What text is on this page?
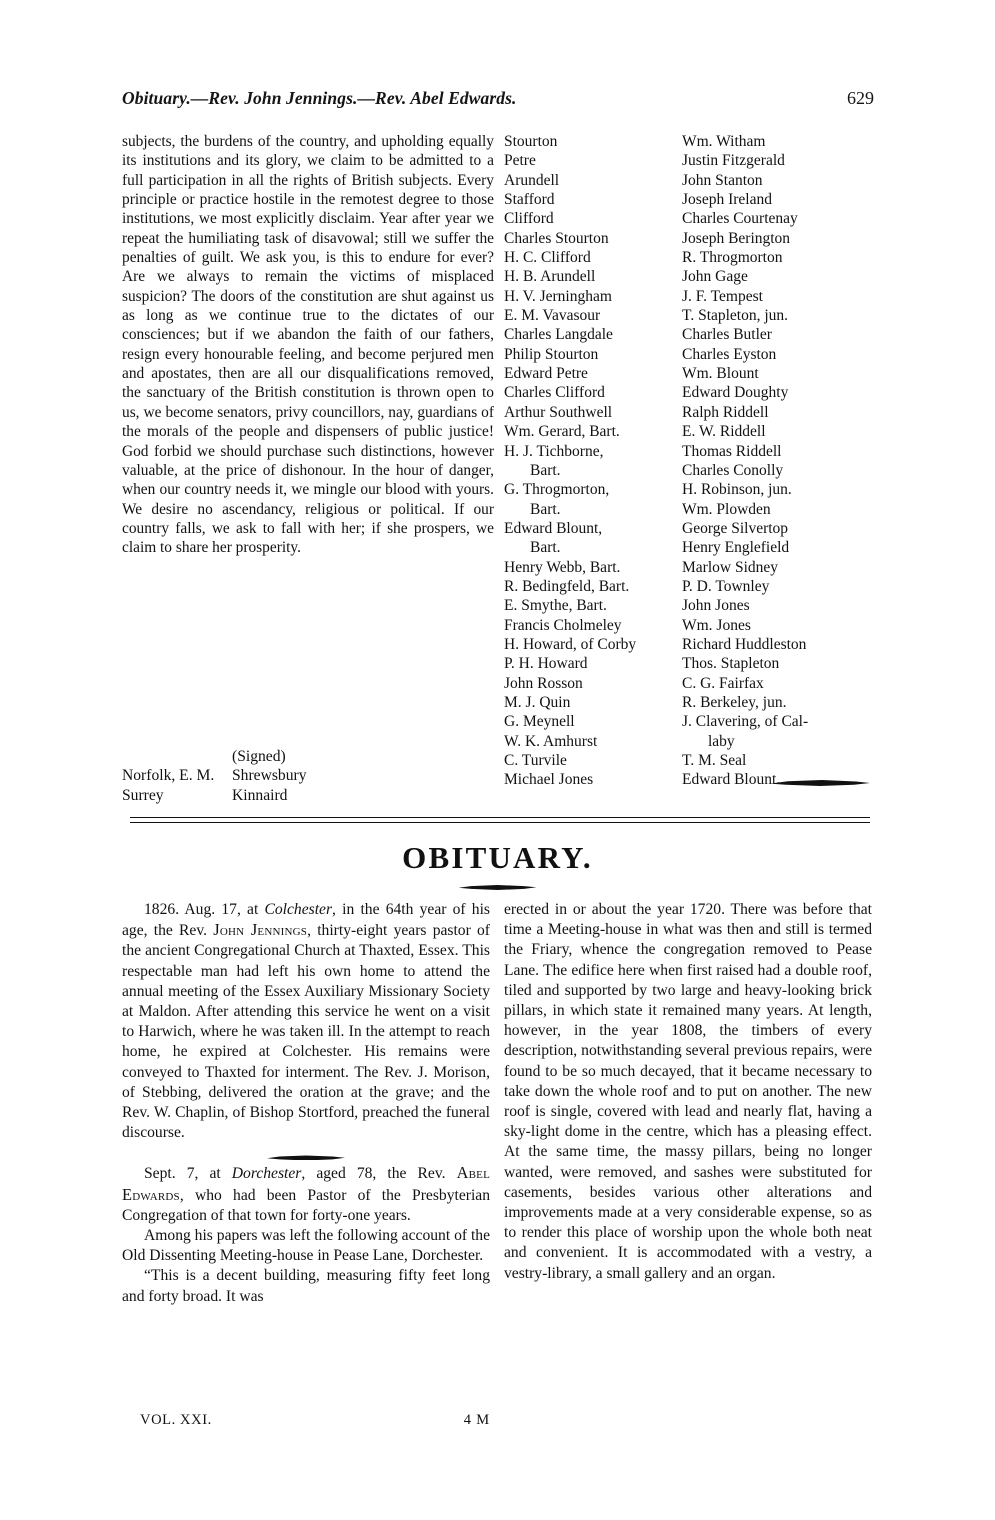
Obituary.—Rev. John Jennings.—Rev. Abel Edwards.	629

subjects, the burdens of the country, and upholding equally its institutions and its glory, we claim to be admitted to a full participation in all the rights of British subjects. Every principle or practice hostile in the remotest degree to those institutions, we most explicitly disclaim. Year after year we repeat the humiliating task of disavowal; still we suffer the penalties of guilt. We ask you, is this to endure for ever? Are we always to remain the victims of misplaced suspicion? The doors of the constitution are shut against us as long as we continue true to the dictates of our consciences; but if we abandon the faith of our fathers, resign every honourable feeling, and become perjured men and apostates, then are all our disqualifications removed, the sanctuary of the British constitution is thrown open to us, we become senators, privy councillors, nay, guardians of the morals of the people and dispensers of public justice! God forbid we should purchase such distinctions, however valuable, at the price of dishonour. In the hour of danger, when our country needs it, we mingle our blood with yours. We desire no ascendancy, religious or political. If our country falls, we ask to fall with her; if she prospers, we claim to share her prosperity.

(Signed)
Norfolk, E. M.	Shrewsbury
Surrey	Kinnaird
Stourton
Petre
Arundell
Stafford
Clifford
Charles Stourton
H. C. Clifford
H. B. Arundell
H. V. Jerningham
E. M. Vavasour
Charles Langdale
Philip Stourton
Edward Petre
Charles Clifford
Arthur Southwell
Wm. Gerard, Bart.
H. J. Tichborne,
Bart.
G. Throgmorton,
Bart.
Edward Blount,
Bart.
Henry Webb, Bart.
R. Bedingfeld, Bart.
E. Smythe, Bart.
Francis Cholmeley
H. Howard, of Corby
P. H. Howard
John Rosson
M. J. Quin
G. Meynell
W. K. Amhurst
C. Turvile
Michael Jones
Wm. Witham
Justin Fitzgerald
John Stanton
Joseph Ireland
Charles Courtenay
Joseph Berington
R. Throgmorton
John Gage
J. F. Tempest
T. Stapleton, jun.
Charles Butler
Charles Eyston
Wm. Blount
Edward Doughty
Ralph Riddell
E. W. Riddell
Thomas Riddell
Charles Conolly
H. Robinson, jun.
Wm. Plowden
George Silvertop
Henry Englefield
Marlow Sidney
P. D. Townley
John Jones
Wm. Jones
Richard Huddleston
Thos. Stapleton
C. G. Fairfax
R. Berkeley, jun.
J. Clavering, of Cal-
laby
T. M. Seal
Edward Blount.
OBITUARY.

1826. Aug. 17, at Colchester, in the 64th year of his age, the Rev. John Jennings, thirty-eight years pastor of the ancient Congregational Church at Thaxted, Essex. This respectable man had left his own home to attend the annual meeting of the Essex Auxiliary Missionary Society at Maldon. After attending this service he went on a visit to Harwich, where he was taken ill. In the attempt to reach home, he expired at Colchester. His remains were conveyed to Thaxted for interment. The Rev. J. Morison, of Stebbing, delivered the oration at the grave; and the Rev. W. Chaplin, of Bishop Stortford, preached the funeral discourse.

Sept. 7, at Dorchester, aged 78, the Rev. Abel Edwards, who had been Pastor of the Presbyterian Congregation of that town for forty-one years.

Among his papers was left the following account of the Old Dissenting Meeting-house in Pease Lane, Dorchester.

“This is a decent building, measuring fifty feet long and forty broad. It was

erected in or about the year 1720. There was before that time a Meeting-house in what was then and still is termed the Friary, whence the congregation removed to Pease Lane. The edifice here when first raised had a double roof, tiled and supported by two large and heavy-looking brick pillars, in which state it remained many years. At length, however, in the year 1808, the timbers of every description, notwithstanding several previous repairs, were found to be so much decayed, that it became necessary to take down the whole roof and to put on another. The new roof is single, covered with lead and nearly flat, having a sky-light dome in the centre, which has a pleasing effect. At the same time, the massy pillars, being no longer wanted, were removed, and sashes were substituted for casements, besides various other alterations and improvements made at a very considerable expense, so as to render this place of worship upon the whole both neat and convenient. It is accommodated with a vestry, a vestry-library, a small gallery and an organ.

VOL. XXI.	4 M
